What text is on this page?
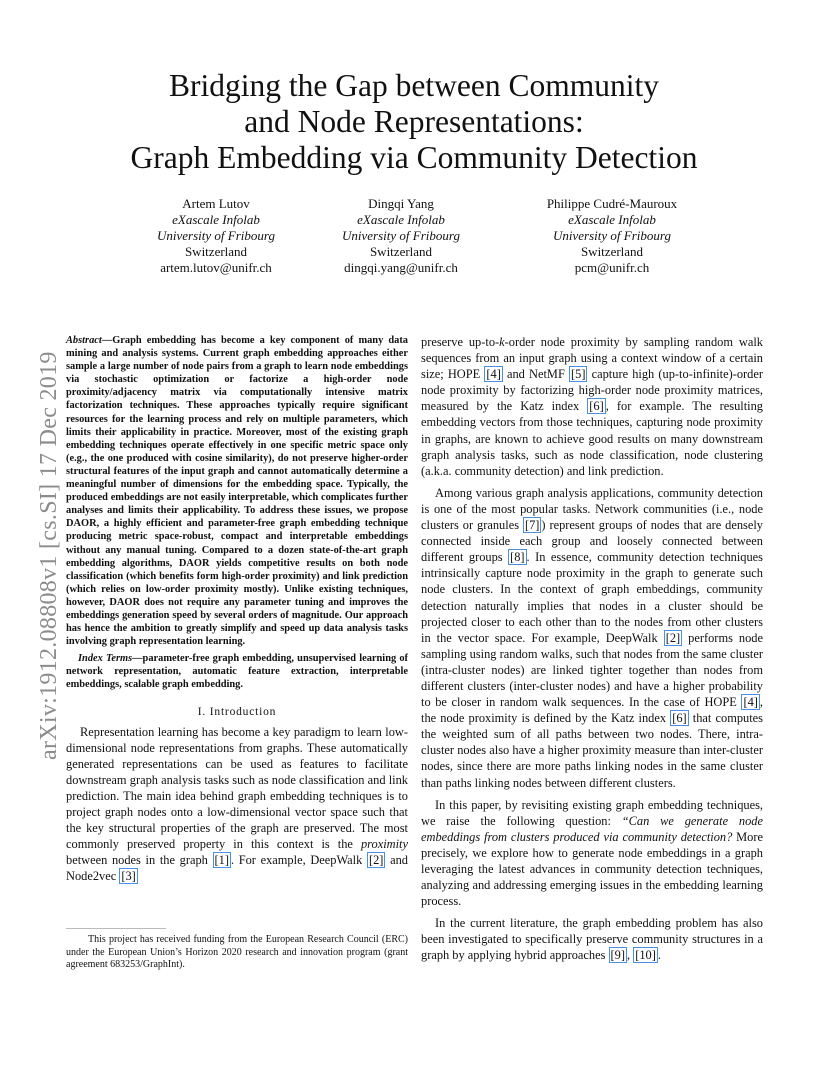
Bridging the Gap between Community
and Node Representations:
Graph Embedding via Community Detection
Artem Lutov
eXascale Infolab
University of Fribourg
Switzerland
artem.lutov@unifr.ch
Dingqi Yang
eXascale Infolab
University of Fribourg
Switzerland
dingqi.yang@unifr.ch
Philippe Cudré-Mauroux
eXascale Infolab
University of Fribourg
Switzerland
pcm@unifr.ch
arXiv:1912.08808v1 [cs.SI] 17 Dec 2019

Abstract—Graph embedding has become a key component of many data mining and analysis systems. Current graph embedding approaches either sample a large number of node pairs from a graph to learn node embeddings via stochastic optimization or factorize a high-order node proximity/adjacency matrix via computationally intensive matrix factorization techniques. These approaches typically require significant resources for the learning process and rely on multiple parameters, which limits their applicability in practice. Moreover, most of the existing graph embedding techniques operate effectively in one specific metric space only (e.g., the one produced with cosine similarity), do not preserve higher-order structural features of the input graph and cannot automatically determine a meaningful number of dimensions for the embedding space. Typically, the produced embeddings are not easily interpretable, which complicates further analyses and limits their applicability. To address these issues, we propose DAOR, a highly efficient and parameter-free graph embedding technique producing metric space-robust, compact and interpretable embeddings without any manual tuning. Compared to a dozen state-of-the-art graph embedding algorithms, DAOR yields competitive results on both node classification (which benefits form high-order proximity) and link prediction (which relies on low-order proximity mostly). Unlike existing techniques, however, DAOR does not require any parameter tuning and improves the embeddings generation speed by several orders of magnitude. Our approach has hence the ambition to greatly simplify and speed up data analysis tasks involving graph representation learning.

Index Terms—parameter-free graph embedding, unsupervised learning of network representation, automatic feature extraction, interpretable embeddings, scalable graph embedding.

I. Introduction

Representation learning has become a key paradigm to learn low-dimensional node representations from graphs. These automatically generated representations can be used as features to facilitate downstream graph analysis tasks such as node classification and link prediction. The main idea behind graph embedding techniques is to project graph nodes onto a low-dimensional vector space such that the key structural properties of the graph are preserved. The most commonly preserved property in this context is the proximity between nodes in the graph [1] . For example, DeepWalk [2] and Node2vec [3]

This project has received funding from the European Research Council (ERC) under the European Union’s Horizon 2020 research and innovation program (grant agreement 683253/GraphInt).

preserve up-to-k-order node proximity by sampling random walk sequences from an input graph using a context window of a certain size; HOPE [4] and NetMF [5] capture high (up-to-infinite)-order node proximity by factorizing high-order node proximity matrices, measured by the Katz index [6] , for example. The resulting embedding vectors from those techniques, capturing node proximity in graphs, are known to achieve good results on many downstream graph analysis tasks, such as node classification, node clustering (a.k.a. community detection) and link prediction.

Among various graph analysis applications, community detection is one of the most popular tasks. Network communities (i.e., node clusters or granules [7] ) represent groups of nodes that are densely connected inside each group and loosely connected between different groups [8] . In essence, community detection techniques intrinsically capture node proximity in the graph to generate such node clusters. In the context of graph embeddings, community detection naturally implies that nodes in a cluster should be projected closer to each other than to the nodes from other clusters in the vector space. For example, DeepWalk [2] performs node sampling using random walks, such that nodes from the same cluster (intra-cluster nodes) are linked tighter together than nodes from different clusters (inter-cluster nodes) and have a higher probability to be closer in random walk sequences. In the case of HOPE [4] , the node proximity is defined by the Katz index [6] that computes the weighted sum of all paths between two nodes. There, intra-cluster nodes also have a higher proximity measure than inter-cluster nodes, since there are more paths linking nodes in the same cluster than paths linking nodes between different clusters.

In this paper, by revisiting existing graph embedding techniques, we raise the following question: “Can we generate node embeddings from clusters produced via community detection? More precisely, we explore how to generate node embeddings in a graph leveraging the latest advances in community detection techniques, analyzing and addressing emerging issues in the embedding learning process.

In the current literature, the graph embedding problem has also been investigated to specifically preserve community structures in a graph by applying hybrid approaches [9] , [10] .
